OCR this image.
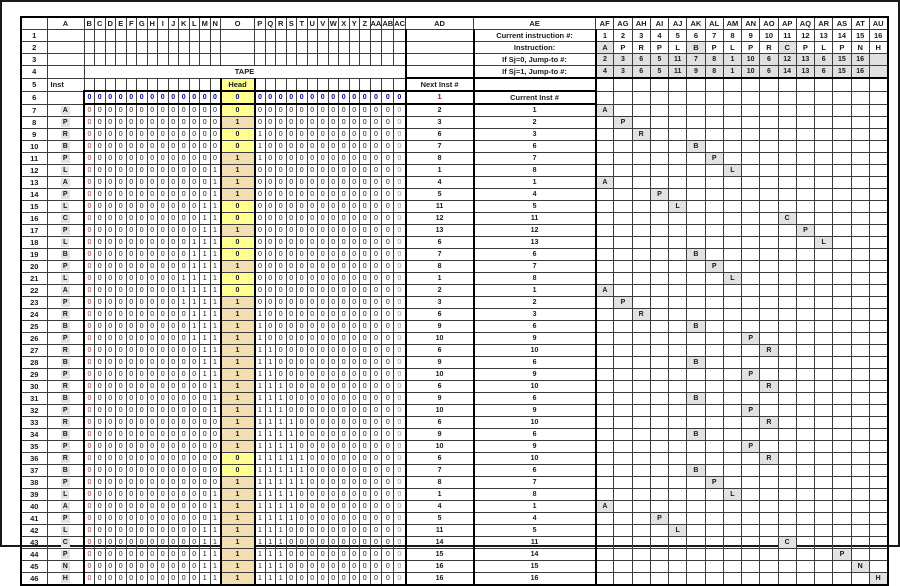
	A	B	C	D	E	F	G	H	I	J	K	L	M	N	O	P	Q	R	S	T	U	V	W	X	Y	Z	AA	AB	AC	AD	AE	AF	AG	AH	AI	AJ	AK	AL	AM	AN	AO	AP	AQ	AR	AS	AT	AU
1																															Current instruction #:	1	2	3	4	5	6	7	8	9	10	11	12	13	14	15	16
2																															Instruction:	A	P	R	P	L	B	P	L	P	R	C	P	L	P	N	H
3																															If Sj=0, Jump-to #:	2	3	6	5	11	7	8	1	10	6	12	13	6	15	16	
4		TAPE																													If Sj=1, Jump-to #:	4	3	6	5	11	9	8	1	10	6	14	13	6	15	16	
5	Inst														Head															Next Inst #																	
6		0	0	0	0	0	0	0	0	0	0	0	0	0	0	0	0	0	0	0	0	0	0	0	0	0	0	0	0	1	Current Inst #																
7	A	0	0	0	0	0	0	0	0	0	0	0	0	0	0	0	0	0	0	0	0	0	0	0	0	0	0	0	0	2	1	A															
8	P	0	0	0	0	0	0	0	0	0	0	0	0	0	1	0	0	0	0	0	0	0	0	0	0	0	0	0	0	3	2		P														
9	R	0	0	0	0	0	0	0	0	0	0	0	0	0	0	1	0	0	0	0	0	0	0	0	0	0	0	0	0	6	3			R													
10	B	0	0	0	0	0	0	0	0	0	0	0	0	0	0	1	0	0	0	0	0	0	0	0	0	0	0	0	0	7	6						B										
11	P	0	0	0	0	0	0	0	0	0	0	0	0	0	1	1	0	0	0	0	0	0	0	0	0	0	0	0	0	8	7							P									
12	L	0	0	0	0	0	0	0	0	0	0	0	0	1	1	0	0	0	0	0	0	0	0	0	0	0	0	0	0	1	8								L								
13	A	0	0	0	0	0	0	0	0	0	0	0	0	1	1	0	0	0	0	0	0	0	0	0	0	0	0	0	0	4	1	A															
14	P	0	0	0	0	0	0	0	0	0	0	0	0	1	1	0	0	0	0	0	0	0	0	0	0	0	0	0	0	5	4				P												
15	L	0	0	0	0	0	0	0	0	0	0	0	1	1	0	0	0	0	0	0	0	0	0	0	0	0	0	0	0	11	5					L											
16	C	0	0	0	0	0	0	0	0	0	0	0	1	1	0	0	0	0	0	0	0	0	0	0	0	0	0	0	0	12	11											C					
17	P	0	0	0	0	0	0	0	0	0	0	0	1	1	1	0	0	0	0	0	0	0	0	0	0	0	0	0	0	13	12												P				
18	L	0	0	0	0	0	0	0	0	0	0	1	1	1	0	0	0	0	0	0	0	0	0	0	0	0	0	0	0	6	13													L			
19	B	0	0	0	0	0	0	0	0	0	0	1	1	1	0	0	0	0	0	0	0	0	0	0	0	0	0	0	0	7	6						B										
20	P	0	0	0	0	0	0	0	0	0	0	1	1	1	1	0	0	0	0	0	0	0	0	0	0	0	0	0	0	8	7							P									
21	L	0	0	0	0	0	0	0	0	0	1	1	1	1	0	0	0	0	0	0	0	0	0	0	0	0	0	0	0	1	8								L								
22	A	0	0	0	0	0	0	0	0	0	1	1	1	1	0	0	0	0	0	0	0	0	0	0	0	0	0	0	0	2	1	A															
23	P	0	0	0	0	0	0	0	0	0	1	1	1	1	1	0	0	0	0	0	0	0	0	0	0	0	0	0	0	3	2		P														
24	R	0	0	0	0	0	0	0	0	0	0	1	1	1	1	1	0	0	0	0	0	0	0	0	0	0	0	0	0	6	3			R													
25	B	0	0	0	0	0	0	0	0	0	0	1	1	1	1	1	0	0	0	0	0	0	0	0	0	0	0	0	0	9	6						B										
26	P	0	0	0	0	0	0	0	0	0	0	1	1	1	1	1	0	0	0	0	0	0	0	0	0	0	0	0	0	10	9									P							
27	R	0	0	0	0	0	0	0	0	0	0	0	1	1	1	1	1	0	0	0	0	0	0	0	0	0	0	0	0	6	10										R						
28	B	0	0	0	0	0	0	0	0	0	0	0	1	1	1	1	1	0	0	0	0	0	0	0	0	0	0	0	0	9	6						B										
29	P	0	0	0	0	0	0	0	0	0	0	0	1	1	1	1	1	0	0	0	0	0	0	0	0	0	0	0	0	10	9									P							
30	R	0	0	0	0	0	0	0	0	0	0	0	0	1	1	1	1	1	0	0	0	0	0	0	0	0	0	0	0	6	10										R						
31	B	0	0	0	0	0	0	0	0	0	0	0	0	1	1	1	1	1	0	0	0	0	0	0	0	0	0	0	0	9	6						B										
32	P	0	0	0	0	0	0	0	0	0	0	0	0	1	1	1	1	1	0	0	0	0	0	0	0	0	0	0	0	10	9									P							
33	R	0	0	0	0	0	0	0	0	0	0	0	0	0	1	1	1	1	1	0	0	0	0	0	0	0	0	0	0	6	10										R						
34	B	0	0	0	0	0	0	0	0	0	0	0	0	0	1	1	1	1	1	0	0	0	0	0	0	0	0	0	0	9	6						B										
35	P	0	0	0	0	0	0	0	0	0	0	0	0	0	1	1	1	1	1	0	0	0	0	0	0	0	0	0	0	10	9									P							
36	R	0	0	0	0	0	0	0	0	0	0	0	0	0	0	1	1	1	1	1	0	0	0	0	0	0	0	0	0	6	10										R						
37	B	0	0	0	0	0	0	0	0	0	0	0	0	0	0	1	1	1	1	1	0	0	0	0	0	0	0	0	0	7	6						B										
38	P	0	0	0	0	0	0	0	0	0	0	0	0	0	1	1	1	1	1	1	0	0	0	0	0	0	0	0	0	8	7							P									
39	L	0	0	0	0	0	0	0	0	0	0	0	0	1	1	1	1	1	1	0	0	0	0	0	0	0	0	0	0	1	8								L								
40	A	0	0	0	0	0	0	0	0	0	0	0	0	1	1	1	1	1	1	0	0	0	0	0	0	0	0	0	0	4	1	A															
41	P	0	0	0	0	0	0	0	0	0	0	0	0	1	1	1	1	1	1	0	0	0	0	0	0	0	0	0	0	5	4				P												
42	L	0	0	0	0	0	0	0	0	0	0	0	1	1	1	1	1	1	0	0	0	0	0	0	0	0	0	0	0	11	5					L											
43	C	0	0	0	0	0	0	0	0	0	0	0	1	1	1	1	1	1	0	0	0	0	0	0	0	0	0	0	0	14	11											C					
44	P	0	0	0	0	0	0	0	0	0	0	0	1	1	1	1	1	1	0	0	0	0	0	0	0	0	0	0	0	15	14														P		
45	N	0	0	0	0	0	0	0	0	0	0	0	1	1	1	1	1	1	0	0	0	0	0	0	0	0	0	0	0	16	15															N	
46	H	0	0	0	0	0	0	0	0	0	0	0	1	1	1	1	1	1	0	0	0	0	0	0	0	0	0	0	0	16	16																H
